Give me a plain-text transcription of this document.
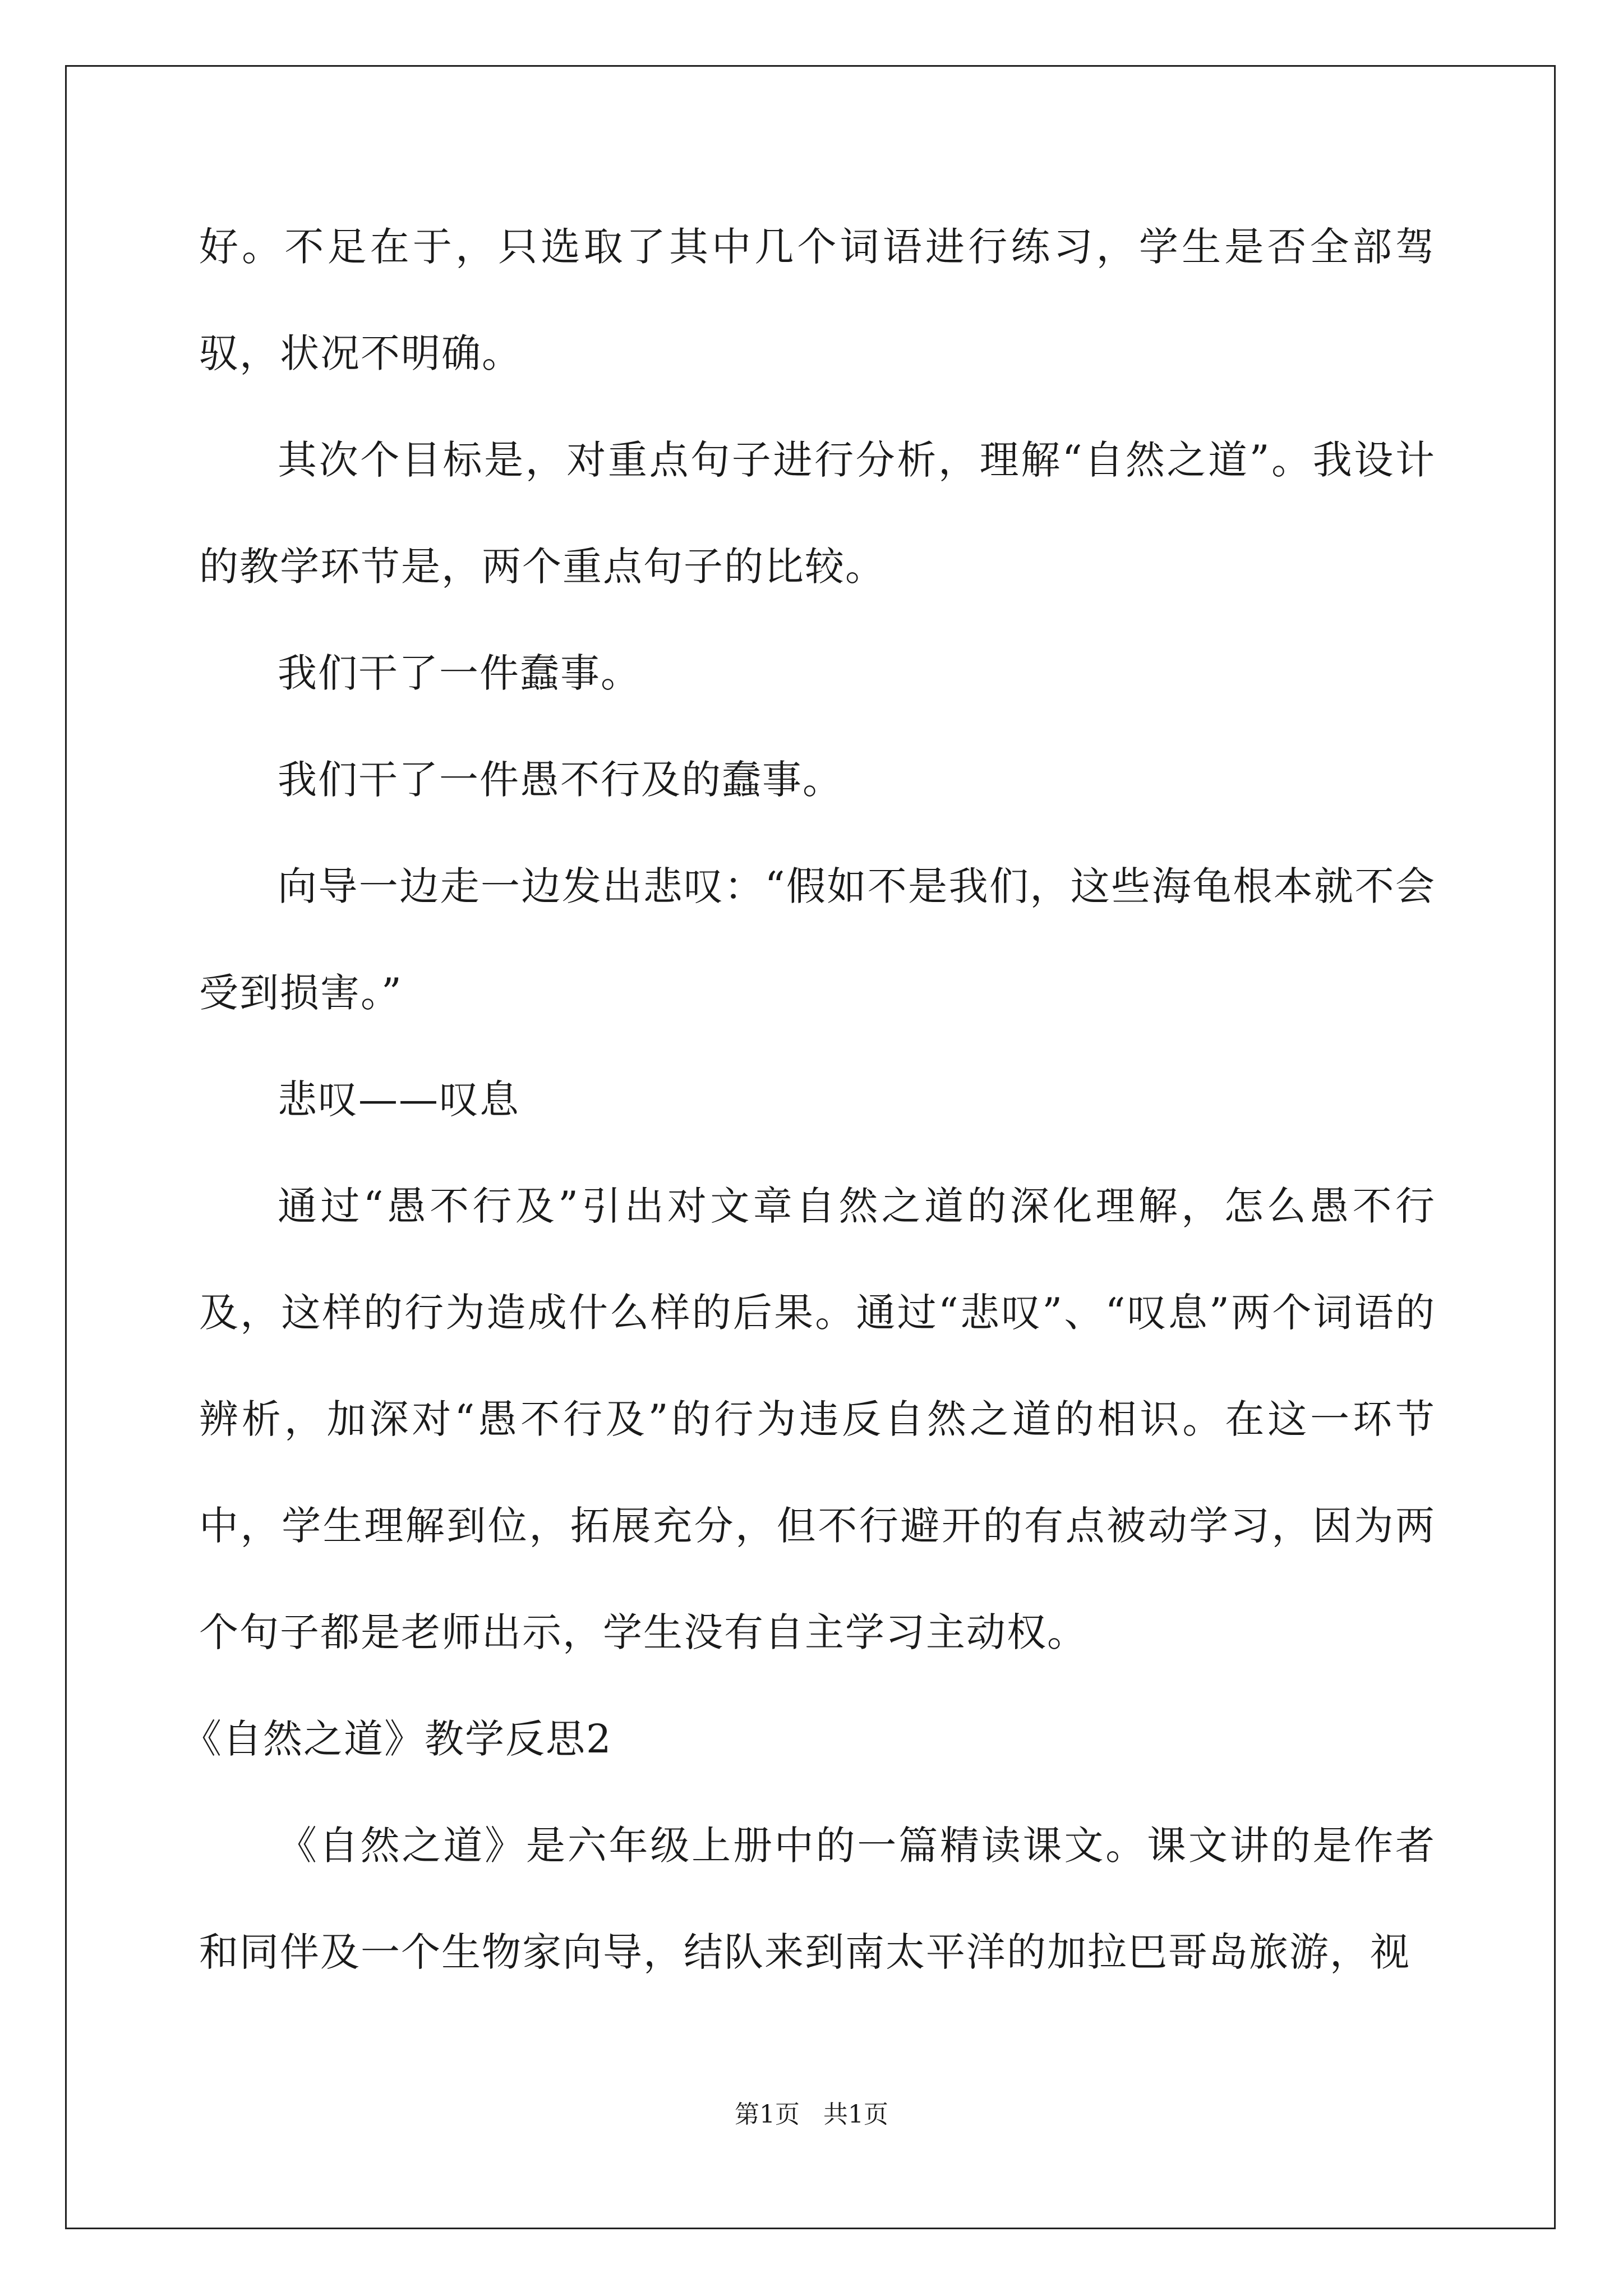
好。不足在于，只选取了其中几个词语进行练习，学生是否全部驾驭，状况不明确。

其次个目标是，对重点句子进行分析，理解“自然之道”。我设计的教学环节是，两个重点句子的比较。

我们干了一件蠢事。

我们干了一件愚不行及的蠢事。

向导一边走一边发出悲叹：“假如不是我们，这些海龟根本就不会受到损害。”

悲叹——叹息

通过“愚不行及”引出对文章自然之道的深化理解，怎么愚不行及，这样的行为造成什么样的后果。通过“悲叹”、“叹息”两个词语的辨析，加深对“愚不行及”的行为违反自然之道的相识。在这一环节中，学生理解到位，拓展充分，但不行避开的有点被动学习，因为两个句子都是老师出示，学生没有自主学习主动权。

《自然之道》教学反思2

《自然之道》是六年级上册中的一篇精读课文。课文讲的是作者和同伴及一个生物家向导，结队来到南太平洋的加拉巴哥岛旅游，视

第1页 共1页
